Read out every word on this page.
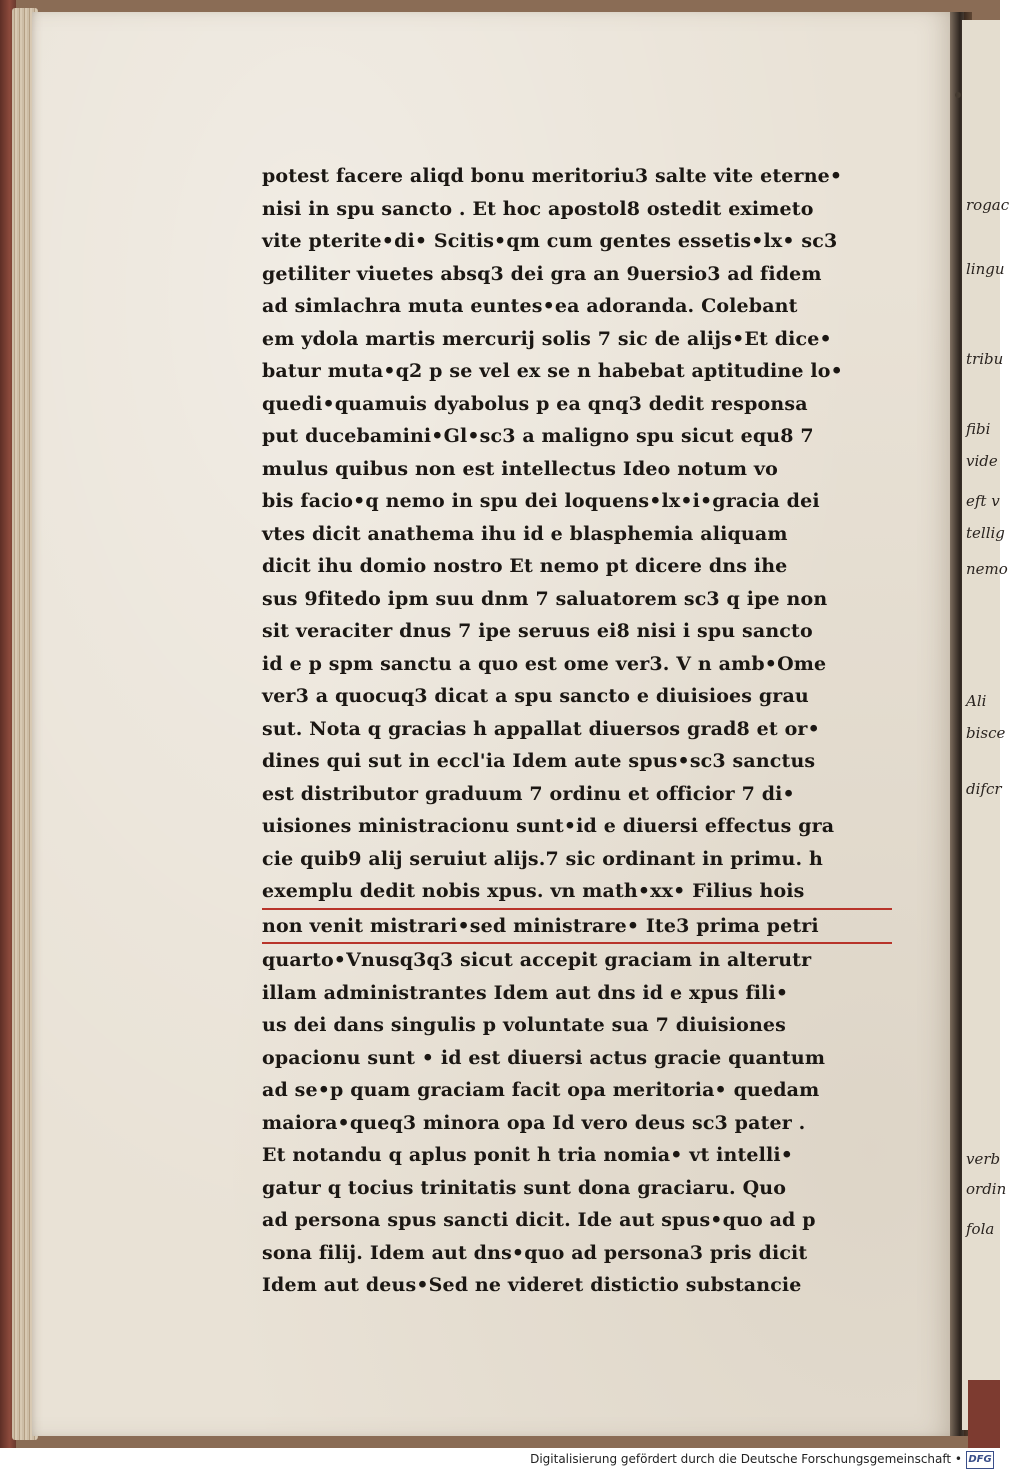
rogac
lingu
tribu
fibi
vide
eft v
tellig
nemo
Ali
bisce
difcr
verb
ordin
fola
potest facere aliqd bonu meritoriu3 salte vite eterne•
nisi in spu sancto . Et hoc apostol8 ostedit eximeto
vite pterite•di• Scitis•qm cum gentes essetis•lx• sc3
getiliter viuetes absq3 dei gra an 9uersio3 ad fidem
ad simlachra muta euntes•ea adoranda. Colebant
em ydola martis mercurij solis 7 sic de alijs•Et dice•
batur muta•q2 p se vel ex se n habebat aptitudine lo•
quedi•quamuis dyabolus p ea qnq3 dedit responsa
put ducebamini•Gl•sc3 a maligno spu sicut equ8 7
mulus quibus non est intellectus Ideo notum vo
bis facio•q nemo in spu dei loquens•lx•i•gracia dei
vtes dicit anathema ihu id e blasphemia aliquam
dicit ihu domio nostro Et nemo pt dicere dns ihe
sus 9fitedo ipm suu dnm 7 saluatorem sc3 q ipe non
sit veraciter dnus 7 ipe seruus ei8 nisi i spu sancto
id e p spm sanctu a quo est ome ver3. V n amb•Ome
ver3 a quocuq3 dicat a spu sancto e diuisioes grau
sut. Nota q gracias h appallat diuersos grad8 et or•
dines qui sut in eccl'ia Idem aute spus•sc3 sanctus
est distributor graduum 7 ordinu et officior 7 di•
uisiones ministracionu sunt•id e diuersi effectus gra
cie quib9 alij seruiut alijs.7 sic ordinant in primu. h
exemplu dedit nobis xpus. vn math•xx• Filius hois
non venit mistrari•sed ministrare• Ite3 prima petri
quarto•Vnusq3q3 sicut accepit graciam in alterutr
illam administrantes Idem aut dns id e xpus fili•
us dei dans singulis p voluntate sua 7 diuisiones
opacionu sunt • id est diuersi actus gracie quantum
ad se•p quam graciam facit opa meritoria• quedam
maiora•queq3 minora opa Id vero deus sc3 pater .
Et notandu q aplus ponit h tria nomia• vt intelli•
gatur q tocius trinitatis sunt dona graciaru. Quo
ad persona spus sancti dicit. Ide aut spus•quo ad p
sona filij. Idem aut dns•quo ad persona3 pris dicit
Idem aut deus•Sed ne videret distictio substancie
Digitalisierung gefördert durch die Deutsche Forschungsgemeinschaft • DFG
